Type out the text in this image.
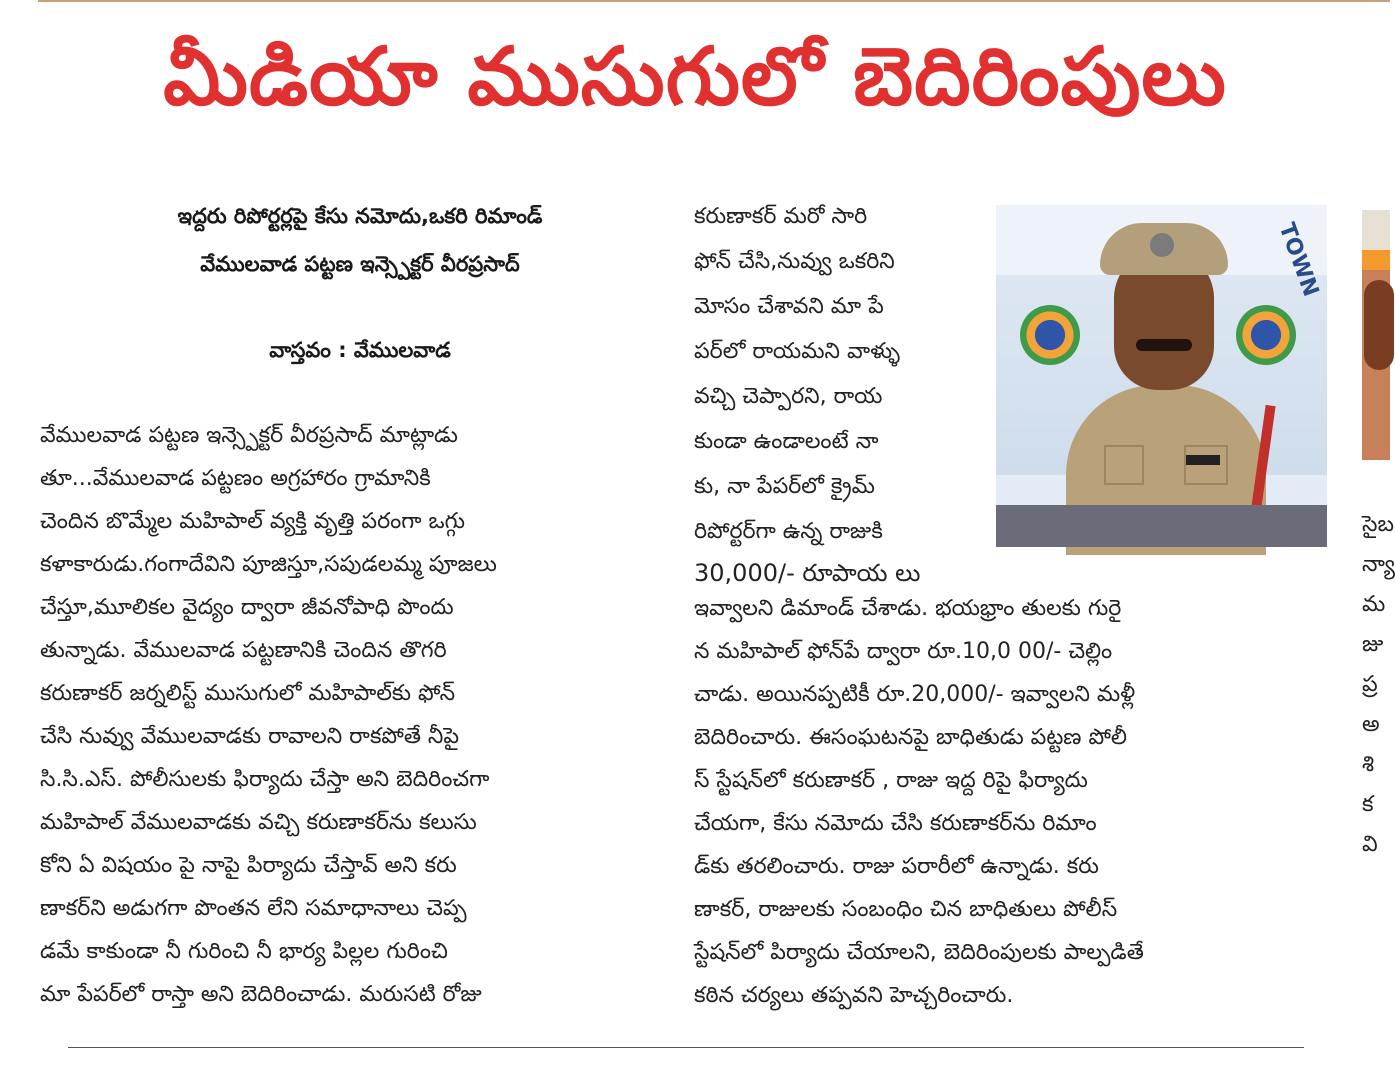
మీడియా ముసుగులో బెదిరింపులు
ఇద్దరు రిపోర్టర్లపై కేసు నమోదు,ఒకరి రిమాండ్
వేములవాడ పట్టణ ఇన్స్పెక్టర్ వీరప్రసాద్
వాస్తవం : వేములవాడ
వేములవాడ పట్టణ ఇన్స్పెక్టర్ వీరప్రసాద్ మాట్లాడు
తూ...వేములవాడ పట్టణం అగ్రహారం గ్రామానికి
చెందిన బొమ్మేల మహిపాల్ వ్యక్తి వృత్తి పరంగా ఒగ్గు
కళాకారుడు.గంగాదేవిని పూజిస్తూ,సపుడలమ్మ పూజలు
చేస్తూ,మూలికల వైద్యం ద్వారా జీవనోపాధి పొందు
తున్నాడు. వేములవాడ పట్టణానికి చెందిన తొగరి
కరుణాకర్ జర్నలిస్ట్ ముసుగులో మహిపాల్‌కు ఫోన్
చేసి నువ్వు వేములవాడకు రావాలని రాకపోతే నీపై
సి.సి.ఎస్. పోలీసులకు ఫిర్యాదు చేస్తా అని బెదిరించగా
మహిపాల్ వేములవాడకు వచ్చి కరుణాకర్‌ను కలుసు
కోని ఏ విషయం పై నాపై పిర్యాదు చేస్తావ్ అని కరు
ణాకర్‌ని అడుగగా పొంతన లేని సమాధానాలు చెప్ప
డమే కాకుండా నీ గురించి నీ భార్య పిల్లల గురించి
మా పేపర్‌లో రాస్తా అని బెదిరించాడు. మరుసటి రోజు
కరుణాకర్ మరో సారి
ఫోన్ చేసి,నువ్వు ఒకరిని
మోసం చేశావని మా పే
పర్‌లో రాయమని వాళ్ళు
వచ్చి చెప్పారని, రాయ
కుండా ఉండాలంటే నా
కు, నా పేపర్‌లో క్రైమ్
రిపోర్టర్‌గా ఉన్న రాజుకి
30,000/- రూపాయ లు
ఇవ్వాలని డిమాండ్ చేశాడు. భయభ్రాం తులకు గురై
న మహిపాల్ ఫోన్‌పే ద్వారా రూ.10,0 00/- చెల్లిం
చాడు. అయినప్పటికీ రూ.20,000/- ఇవ్వాలని మళ్లీ
బెదిరించారు. ఈసంఘటనపై బాధితుడు పట్టణ పోలీ
స్ స్టేషన్‌లో కరుణాకర్ , రాజు ఇద్ద రిపై ఫిర్యాదు
చేయగా, కేసు నమోదు చేసి కరుణాకర్‌ను రిమాం
డ్‌కు తరలించారు. రాజు పరారీలో ఉన్నాడు. కరు
ణాకర్, రాజులకు సంబంధిం చిన బాధితులు పోలీస్
స్టేషన్‌లో పిర్యాదు చేయాలని, బెదిరింపులకు పాల్పడితే
కఠిన చర్యలు తప్పవని హెచ్చరించారు.
TOWN
సైబ
న్యా
మ
జు
ప్ర
అ
శి
క
వి
